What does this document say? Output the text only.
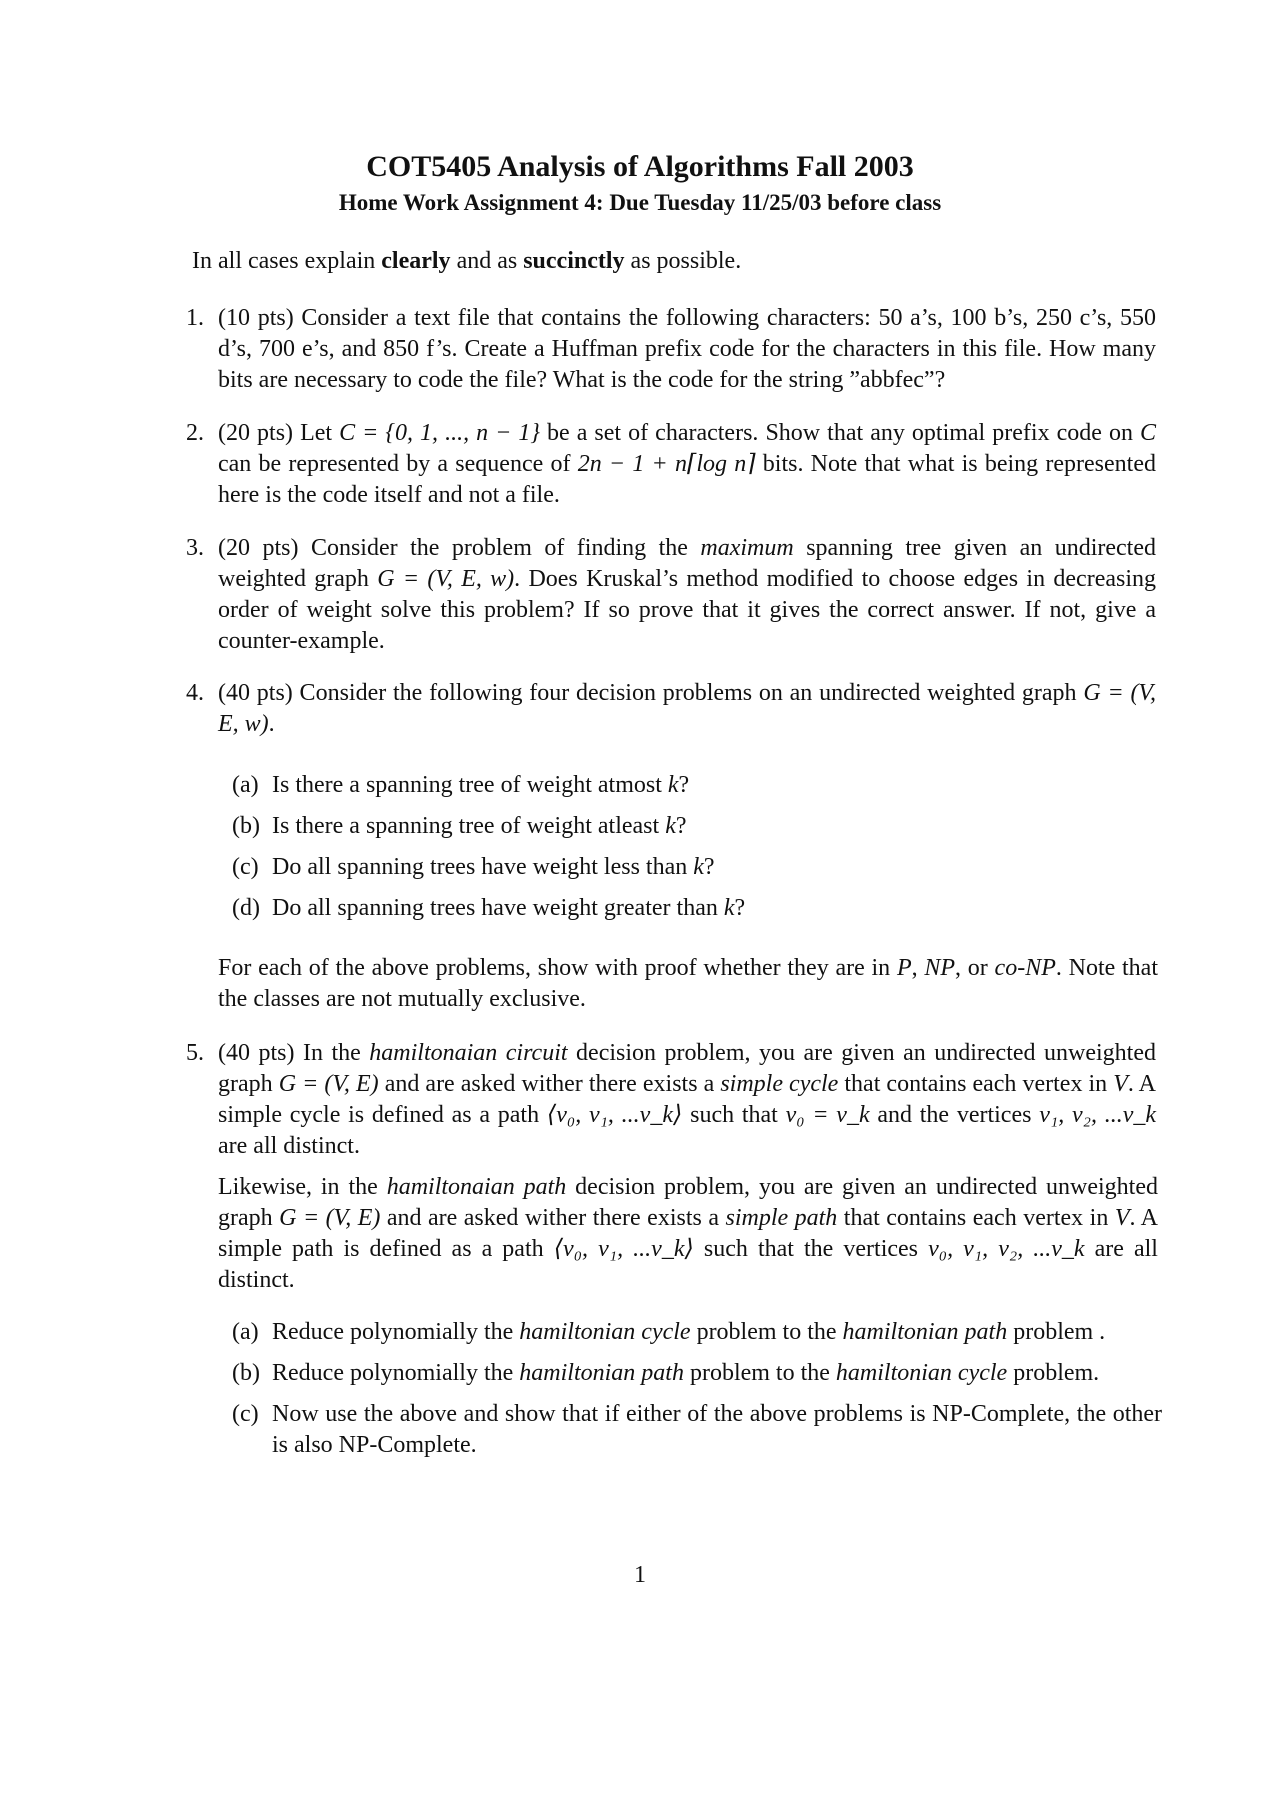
COT5405 Analysis of Algorithms Fall 2003
Home Work Assignment 4: Due Tuesday 11/25/03 before class
In all cases explain clearly and as succinctly as possible.
1. (10 pts) Consider a text file that contains the following characters: 50 a’s, 100 b’s, 250 c’s, 550 d’s, 700 e’s, and 850 f’s. Create a Huffman prefix code for the characters in this file. How many bits are necessary to code the file? What is the code for the string ”abbfec”?
2. (20 pts) Let C = {0, 1, ..., n − 1} be a set of characters. Show that any optimal prefix code on C can be represented by a sequence of 2n − 1 + n⌈log n⌉ bits. Note that what is being represented here is the code itself and not a file.
3. (20 pts) Consider the problem of finding the maximum spanning tree given an undirected weighted graph G = (V, E, w). Does Kruskal’s method modified to choose edges in decreasing order of weight solve this problem? If so prove that it gives the correct answer. If not, give a counter-example.
4. (40 pts) Consider the following four decision problems on an undirected weighted graph G = (V, E, w).
(a) Is there a spanning tree of weight atmost k?
(b) Is there a spanning tree of weight atleast k?
(c) Do all spanning trees have weight less than k?
(d) Do all spanning trees have weight greater than k?
For each of the above problems, show with proof whether they are in P, NP, or co-NP. Note that the classes are not mutually exclusive.
5. (40 pts) In the hamiltonaian circuit decision problem, you are given an undirected unweighted graph G = (V, E) and are asked wither there exists a simple cycle that contains each vertex in V. A simple cycle is defined as a path ⟨v₀, v₁, ...v_k⟩ such that v₀ = v_k and the vertices v₁, v₂, ...v_k are all distinct.
Likewise, in the hamiltonaian path decision problem, you are given an undirected unweighted graph G = (V, E) and are asked wither there exists a simple path that contains each vertex in V. A simple path is defined as a path ⟨v₀, v₁, ...v_k⟩ such that the vertices v₀, v₁, v₂, ...v_k are all distinct.
(a) Reduce polynomially the hamiltonian cycle problem to the hamiltonian path problem .
(b) Reduce polynomially the hamiltonian path problem to the hamiltonian cycle problem.
(c) Now use the above and show that if either of the above problems is NP-Complete, the other is also NP-Complete.
1
